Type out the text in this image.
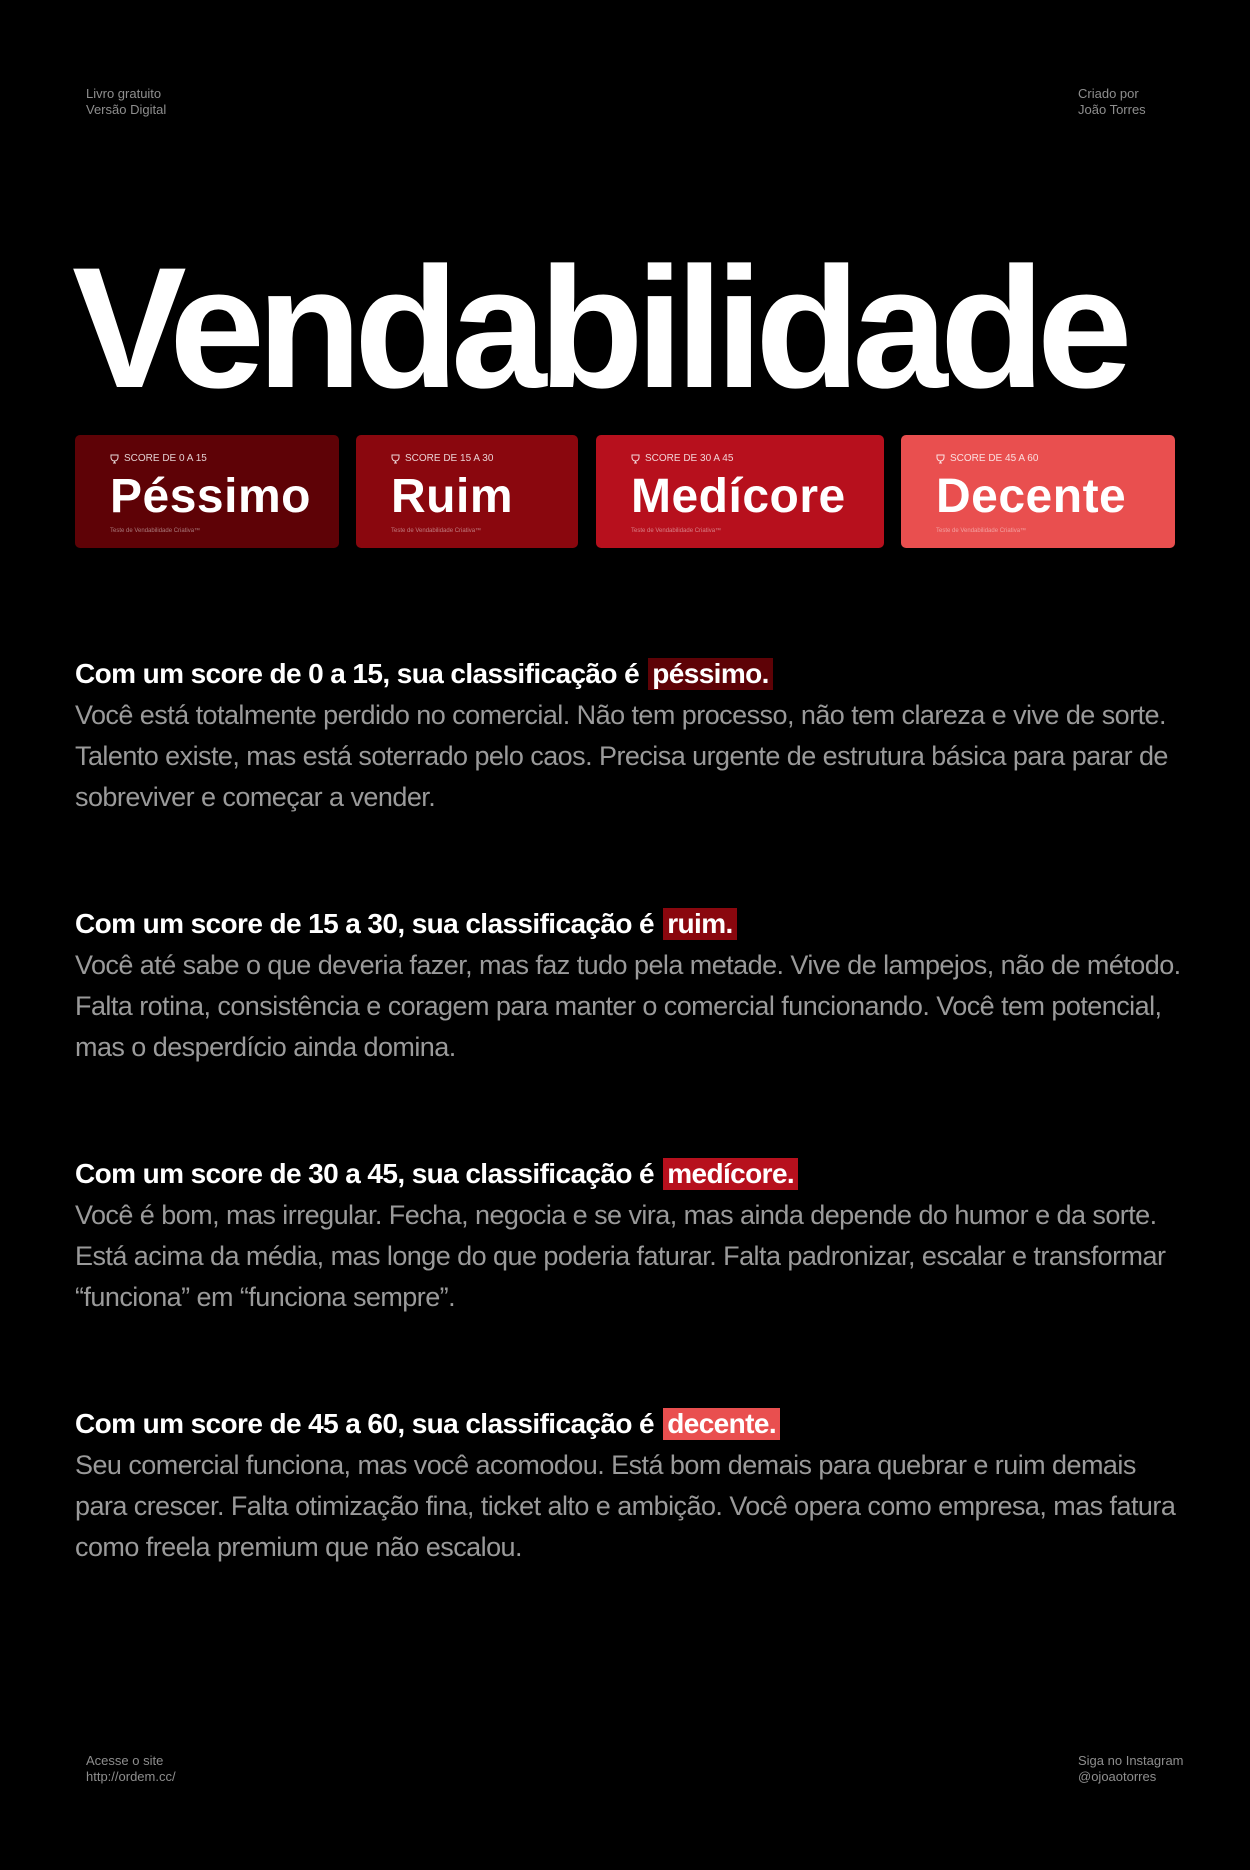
Livro gratuito
Versão Digital
Criado por
João Torres
Vendabilidade
SCORE DE 0 A 15
Péssimo
Teste de Vendabilidade Criativa™
SCORE DE 15 A 30
Ruim
Teste de Vendabilidade Criativa™
SCORE DE 30 A 45
Medícore
Teste de Vendabilidade Criativa™
SCORE DE 45 A 60
Decente
Teste de Vendabilidade Criativa™
Com um score de 0 a 15, sua classificação é péssimo.

Você está totalmente perdido no comercial. Não tem processo, não tem clareza e vive de sorte. Talento existe, mas está soterrado pelo caos. Precisa urgente de estrutura básica para parar de sobreviver e começar a vender.

Com um score de 15 a 30, sua classificação é ruim.

Você até sabe o que deveria fazer, mas faz tudo pela metade. Vive de lampejos, não de método. Falta rotina, consistência e coragem para manter o comercial funcionando. Você tem potencial, mas o desperdício ainda domina.

Com um score de 30 a 45, sua classificação é medícore.

Você é bom, mas irregular. Fecha, negocia e se vira, mas ainda depende do humor e da sorte. Está acima da média, mas longe do que poderia faturar. Falta padronizar, escalar e transformar “funciona” em “funciona sempre”.

Com um score de 45 a 60, sua classificação é decente.

Seu comercial funciona, mas você acomodou. Está bom demais para quebrar e ruim demais para crescer. Falta otimização fina, ticket alto e ambição. Você opera como empresa, mas fatura como freela premium que não escalou.

Acesse o site
http://ordem.cc/
Siga no Instagram
@ojoaotorres
